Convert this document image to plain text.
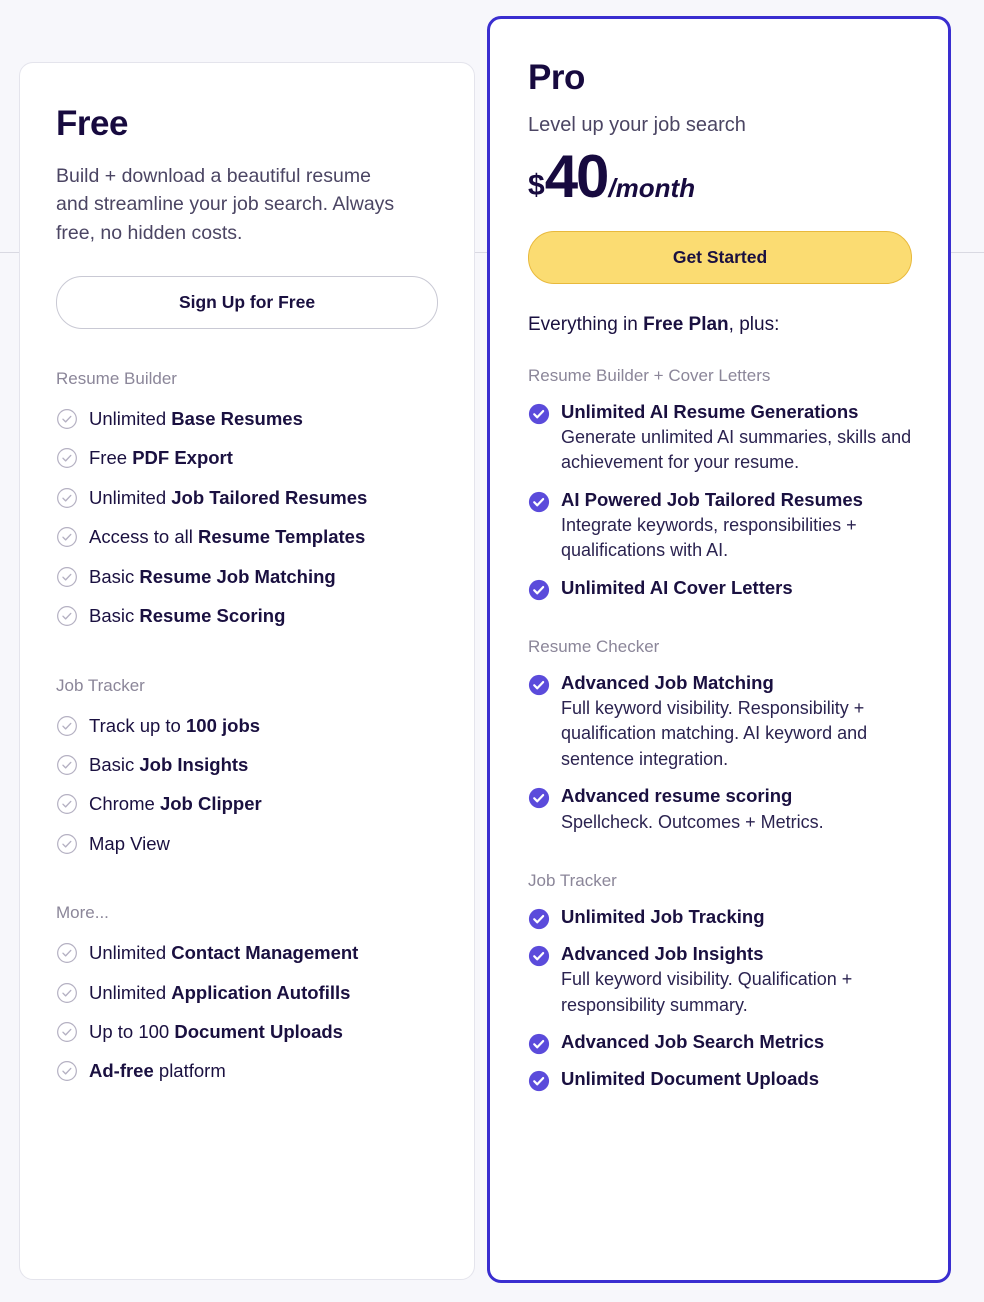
Free
Build + download a beautiful resume and streamline your job search. Always free, no hidden costs.
Sign Up for Free
Resume Builder
Unlimited Base Resumes
Free PDF Export
Unlimited Job Tailored Resumes
Access to all Resume Templates
Basic Resume Job Matching
Basic Resume Scoring
Job Tracker
Track up to 100 jobs
Basic Job Insights
Chrome Job Clipper
Map View
More...
Unlimited Contact Management
Unlimited Application Autofills
Up to 100 Document Uploads
Ad-free platform
Pro
Level up your job search
$ 40 /month
Get Started
Everything in Free Plan, plus:
Resume Builder + Cover Letters
Unlimited AI Resume Generations
Generate unlimited AI summaries, skills and achievement for your resume.
AI Powered Job Tailored Resumes
Integrate keywords, responsibilities + qualifications with AI.
Unlimited AI Cover Letters
Resume Checker
Advanced Job Matching
Full keyword visibility. Responsibility + qualification matching. AI keyword and sentence integration.
Advanced resume scoring
Spellcheck. Outcomes + Metrics.
Job Tracker
Unlimited Job Tracking
Advanced Job Insights
Full keyword visibility. Qualification + responsibility summary.
Advanced Job Search Metrics
Unlimited Document Uploads
